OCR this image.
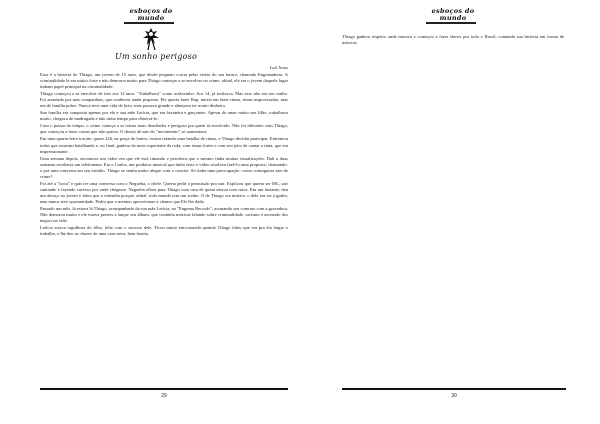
esboços do
mundo
Um sonho perigoso
Luã Jesus

Essa é a história do Thiago, um jovem de 15 anos, que desde pequeno corria pelas vielas do seu bairro, chamado Engomadeira. A criminalidade lá era muito forte e não demorou muito para Thiago começar a se envolver no crime, afinal, ele era o jovem daquele lugar tinham papel principal na criminalidade.

Thiago começou a se envolver de fato aos 12 anos. "Trabalhava" como aviãozinho. Aos 14, já traficava. Mas esse não era seu sonho. Foi arrastado por más companhias, que conheceu ainda pequeno. Ele queria fazer Rap, mexia em fazer rimas, rimas improvisadas, mas era de família pobre. Nunca teve uma vida de luxo, mas passava grande e almejava ter muito dinheiro.

Sua família era composta apenas por ele e sua mãe Letícia, que era faxineira e garçonete. Apesar de amar muito seu filho, trabalhava muito, chegava de madrugada e não tinha tempo para observá-lo.

Com o passar do tempo, o crime começa a se tornar mais desafiador e perigoso pra quem tá envolvido. Não foi diferente com Thiago, que começou a fazer coisas que não queria. O desejo de sair do "movimento" só aumentava.

Em uma quarta-feira à noite, quase 22h, na praça do bairro, estava rolando uma batalha de rimas, e Thiago decidiu participar. Enfrentou todos que estavam batalhando e, no final, ganhou do mais experiente da roda, com rimas fortes e com seu jeito de cantar a rima, que era impressionante.

Uma semana depois, encontrou um vídeo em que ele está rimando e percebeu que o mesmo tinha muitas visualizações. Dali a duas semanas receberia um telefonema. Era o Carlos, um produtor musical que tinha visto o vídeo resolveu fazê-lo uma proposta, chamando-o pra uma conversa em seu estúdio. Thiago se sentiu muito alegre com o convite. Só tinha uma preocupação: como conseguiria sair do crime?

Foi até a "boca" e quis ter uma conversa com o Negueba, o chefe. Queria pedir a permissão pra sair. Explicou que queria ser MC, sair cantando e fazendo sucesso por onde chegasse. Negueba olhou para Thiago com cara de quem estava com raiva. Em um instante, deu um abraço no jovem e falou que o entendia porque, afinal, todo mundo tem um sonho. O de Thiago era música, o dele era ser jogador, mas nunca teve oportunidade. Pediu que o menino aproveitasse a chance que Ele lhe dada.

Passado um mês, lá estava lá Thiago, acompanhado da sua mãe Letícia, na "Engoma Records", assinando seu contrato com a gravadora. Não demorou muito e ele estava prestes a lançar seu álbum, que continha músicas falando sobre criminalidade, racismo e ascensão dos negros na vida.

Letícia estava orgulhosa do filho, feliz com o sucesso dele. Ficou muito emocionada quando Thiago falou que era pra ela largar o trabalho, e lhe deu as chaves de uma casa nova, bem bonita.

29
esboços do
mundo

Thiago ganhou respeito onde morava e começou a fazer shows por todo o Brasil, contando sua história em forma de músicas.

30
